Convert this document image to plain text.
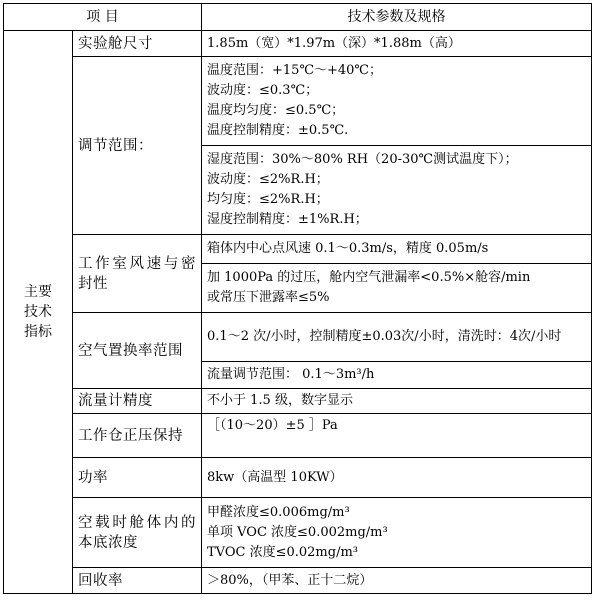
项 目		技术参数及规格

主要
技术
指标	实验舱尺寸	1.85m（宽）*1.97m（深）*1.88m（高）

	调节范围：	温度范围：+15℃～+40℃；
波动度：≤0.3℃；
温度均匀度：≤0.5℃；
温度控制精度：±0.5℃.

		湿度范围：30%～80% RH（20-30℃测试温度下）；
波动度：≤2%R.H；
均匀度：≤2%R.H；
湿度控制精度：±1%R.H；

	工作室风速与密封性	箱体内中心点风速 0.1～0.3m/s，精度 0.05m/s

		加 1000Pa 的过压，舱内空气泄漏率<0.5%×舱容/min
或常压下泄露率≤5%

	空气置换率范围	0.1～2 次/小时，控制精度±0.03次/小时，清洗时：4次/小时

		流量调节范围： 0.1～3m³/h

	流量计精度	不小于 1.5 级，数字显示

	工作仓正压保持	［（10～20）±5 ］Pa

	功率	8kw（高温型 10KW）

	空载时舱体内的本底浓度	甲醛浓度≤0.006mg/m³
单项 VOC 浓度≤0.002mg/m³
TVOC 浓度≤0.02mg/m³

	回收率	＞80%，（甲苯、正十二烷）
